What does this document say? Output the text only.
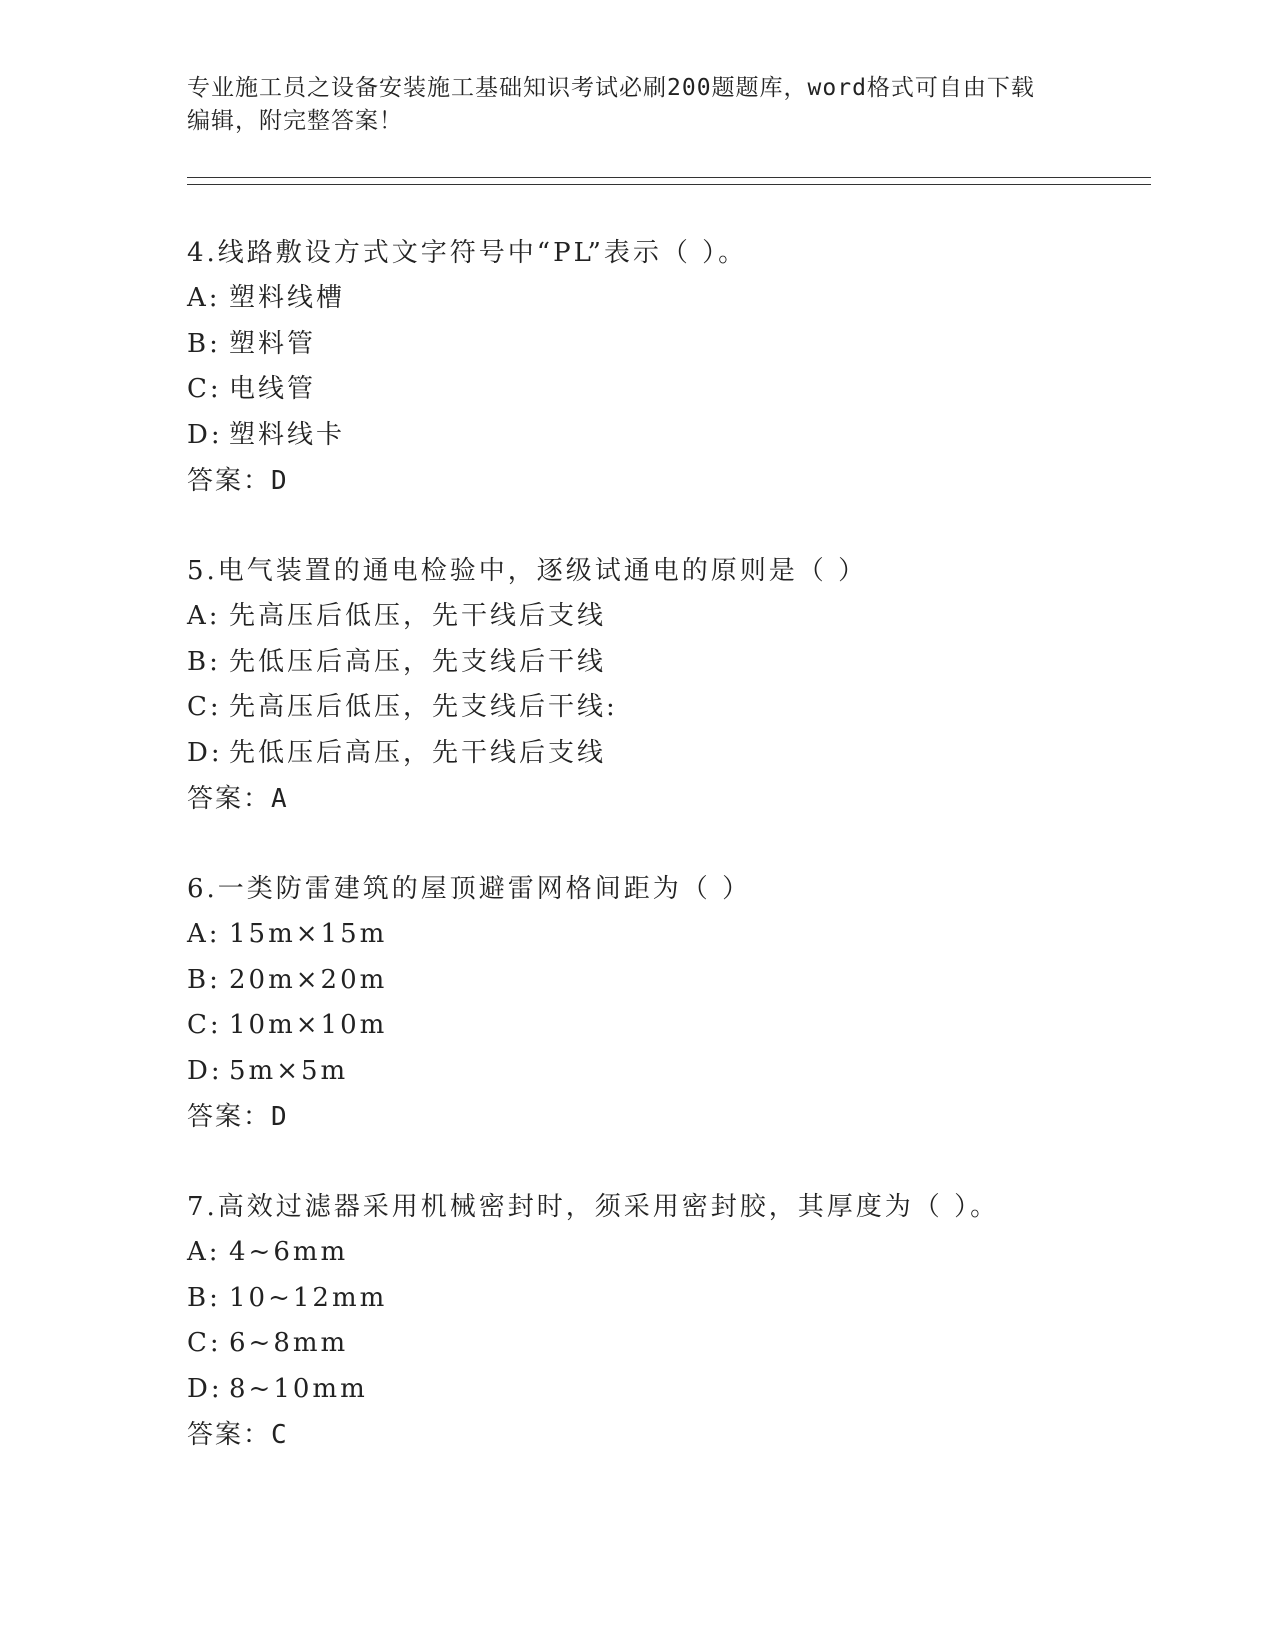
专业施工员之设备安装施工基础知识考试必刷200题题库，word格式可自由下载
编辑，附完整答案！
4.线路敷设方式文字符号中“PL”表示（ ）。
A: 塑料线槽
B: 塑料管
C: 电线管
D: 塑料线卡
答案：D
5.电气装置的通电检验中，逐级试通电的原则是（ ）
A: 先高压后低压，先干线后支线
B: 先低压后高压，先支线后干线
C: 先高压后低压，先支线后干线:
D: 先低压后高压，先干线后支线
答案：A
6.一类防雷建筑的屋顶避雷网格间距为（ ）
A: 15m×15m
B: 20m×20m
C: 10m×10m
D: 5m×5m
答案：D
7.高效过滤器采用机械密封时，须采用密封胶，其厚度为（ ）。
A: 4~6mm
B: 10~12mm
C: 6~8mm
D: 8~10mm
答案：C
